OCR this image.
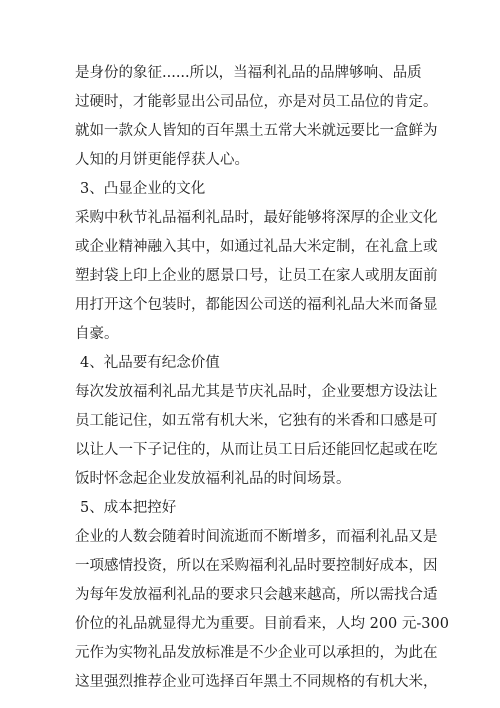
是身份的象征......所以，当福利礼品的品牌够响、品质
过硬时，才能彰显出公司品位，亦是对员工品位的肯定。
就如一款众人皆知的百年黑土五常大米就远要比一盒鲜为
人知的月饼更能俘获人心。
3、凸显企业的文化
采购中秋节礼品福利礼品时，最好能够将深厚的企业文化
或企业精神融入其中，如通过礼品大米定制，在礼盒上或
塑封袋上印上企业的愿景口号，让员工在家人或朋友面前
用打开这个包装时，都能因公司送的福利礼品大米而备显
自豪。
4、礼品要有纪念价值
每次发放福利礼品尤其是节庆礼品时，企业要想方设法让
员工能记住，如五常有机大米，它独有的米香和口感是可
以让人一下子记住的，从而让员工日后还能回忆起或在吃
饭时怀念起企业发放福利礼品的时间场景。
5、成本把控好
企业的人数会随着时间流逝而不断增多，而福利礼品又是
一项感情投资，所以在采购福利礼品时要控制好成本，因
为每年发放福利礼品的要求只会越来越高，所以需找合适
价位的礼品就显得尤为重要。目前看来，人均 200 元-300
元作为实物礼品发放标准是不少企业可以承担的，为此在
这里强烈推荐企业可选择百年黑土不同规格的有机大米，
